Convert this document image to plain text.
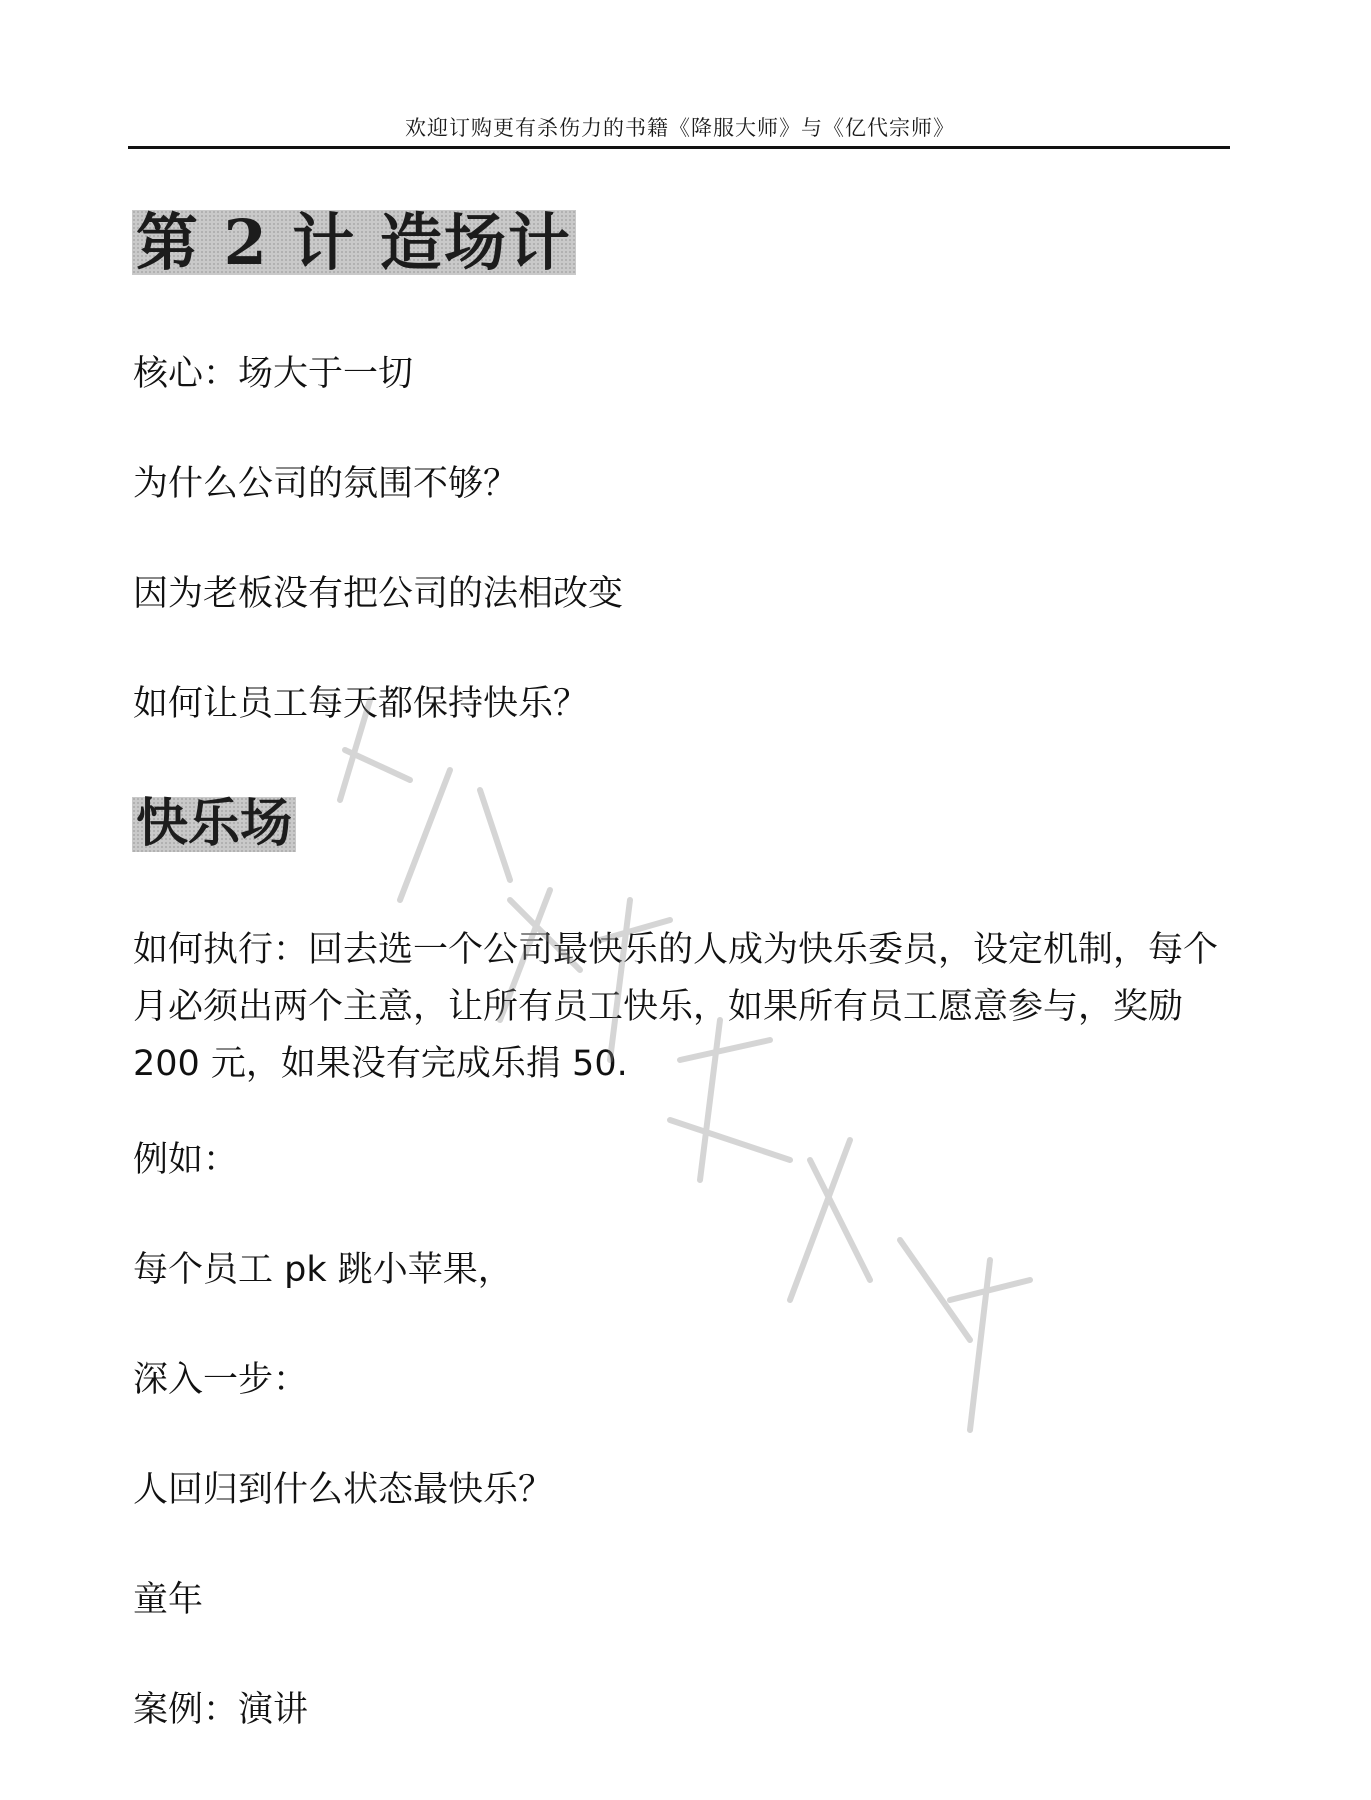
欢迎订购更有杀伤力的书籍《降服大师》与《亿代宗师》
第 2 计 造场计

核心：场大于一切

为什么公司的氛围不够？

因为老板没有把公司的法相改变

如何让员工每天都保持快乐？

快乐场

如何执行：回去选一个公司最快乐的人成为快乐委员，设定机制，每个月必须出两个主意，让所有员工快乐，如果所有员工愿意参与，奖励 200 元，如果没有完成乐捐 50.

例如：

每个员工 pk 跳小苹果，

深入一步：

人回归到什么状态最快乐？

童年

案例：演讲
